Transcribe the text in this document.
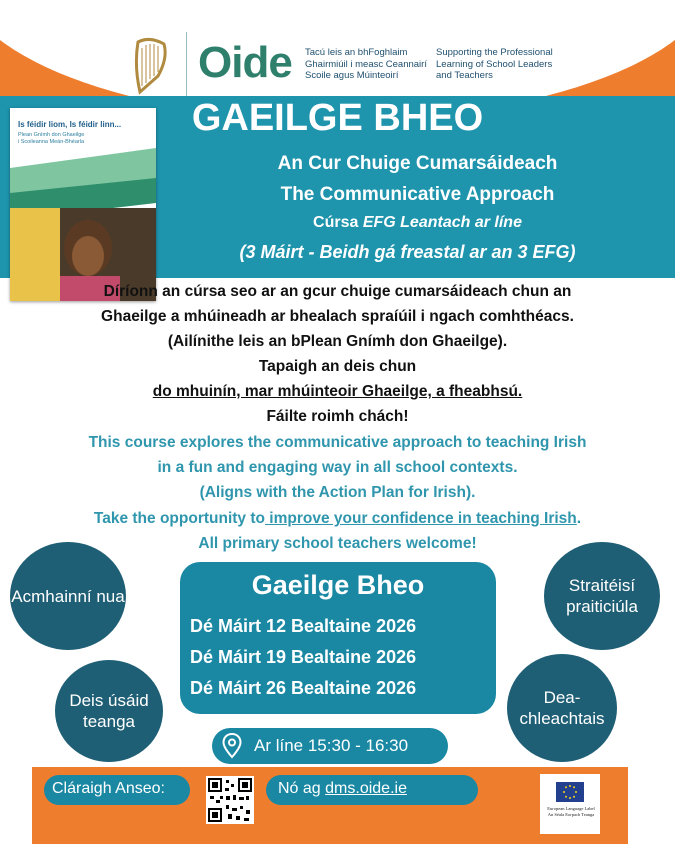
Oide Tacú leis an bhFoghlaim
Ghairmiúil i measc Ceannairí
Scoile agus Múinteoirí
Supporting the Professional
Learning of School Leaders
and Teachers
Is féidir liom, Is féidir linn...
Plean Gnímh don Ghaeilge
i Scoileanna Meán-Bhéarla
GAEILGE BHEO
An Cur Chuige Cumarsáideach
The Communicative Approach
Cúrsa EFG Leantach ar líne
(3 Máirt - Beidh gá freastal ar an 3 EFG)
Díríonn an cúrsa seo ar an gcur chuige cumarsáideach chun an
Ghaeilge a mhúineadh ar bhealach spraíúil i ngach comhthéacs.
(Ailínithe leis an bPlean Gnímh don Ghaeilge).
Tapaigh an deis chun
do mhuinín, mar mhúinteoir Ghaeilge, a fheabhsú.
Fáilte roimh chách!
This course explores the communicative approach to teaching Irish
in a fun and engaging way in all school contexts.
(Aligns with the Action Plan for Irish).
Take the opportunity to improve your confidence in teaching Irish.
All primary school teachers welcome!
Acmhainní nua
Straitéisí praiticiúla
Deis úsáid teanga
Dea-chleachtais
Gaeilge Bheo
Dé Máirt 12 Bealtaine 2026
Dé Máirt 19 Bealtaine 2026
Dé Máirt 26 Bealtaine 2026
Ar líne 15:30 - 16:30
Cláraigh Anseo:	Nó ag dms.oide.ie
European Language Label
An Séala Eorpach Teanga
